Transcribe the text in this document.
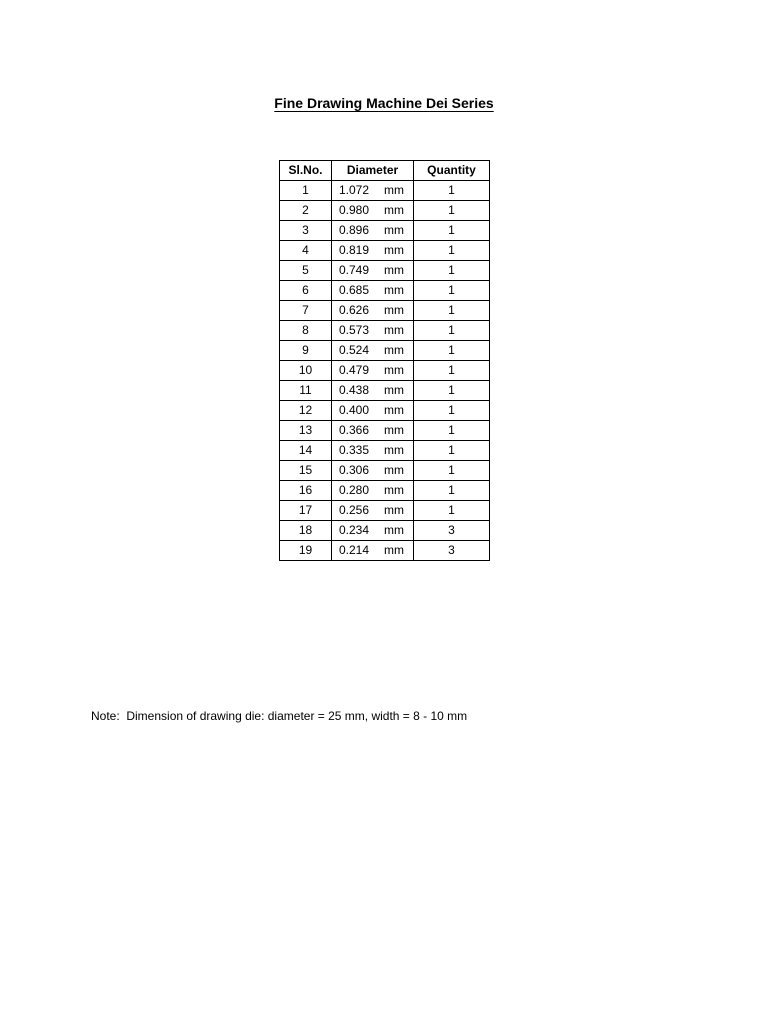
Fine Drawing Machine Dei Series
Sl.No.	Diameter	Quantity
1	1.072 mm	1
2	0.980 mm	1
3	0.896 mm	1
4	0.819 mm	1
5	0.749 mm	1
6	0.685 mm	1
7	0.626 mm	1
8	0.573 mm	1
9	0.524 mm	1
10	0.479 mm	1
11	0.438 mm	1
12	0.400 mm	1
13	0.366 mm	1
14	0.335 mm	1
15	0.306 mm	1
16	0.280 mm	1
17	0.256 mm	1
18	0.234 mm	3
19	0.214 mm	3
Note:  Dimension of drawing die: diameter = 25 mm, width = 8 - 10 mm
